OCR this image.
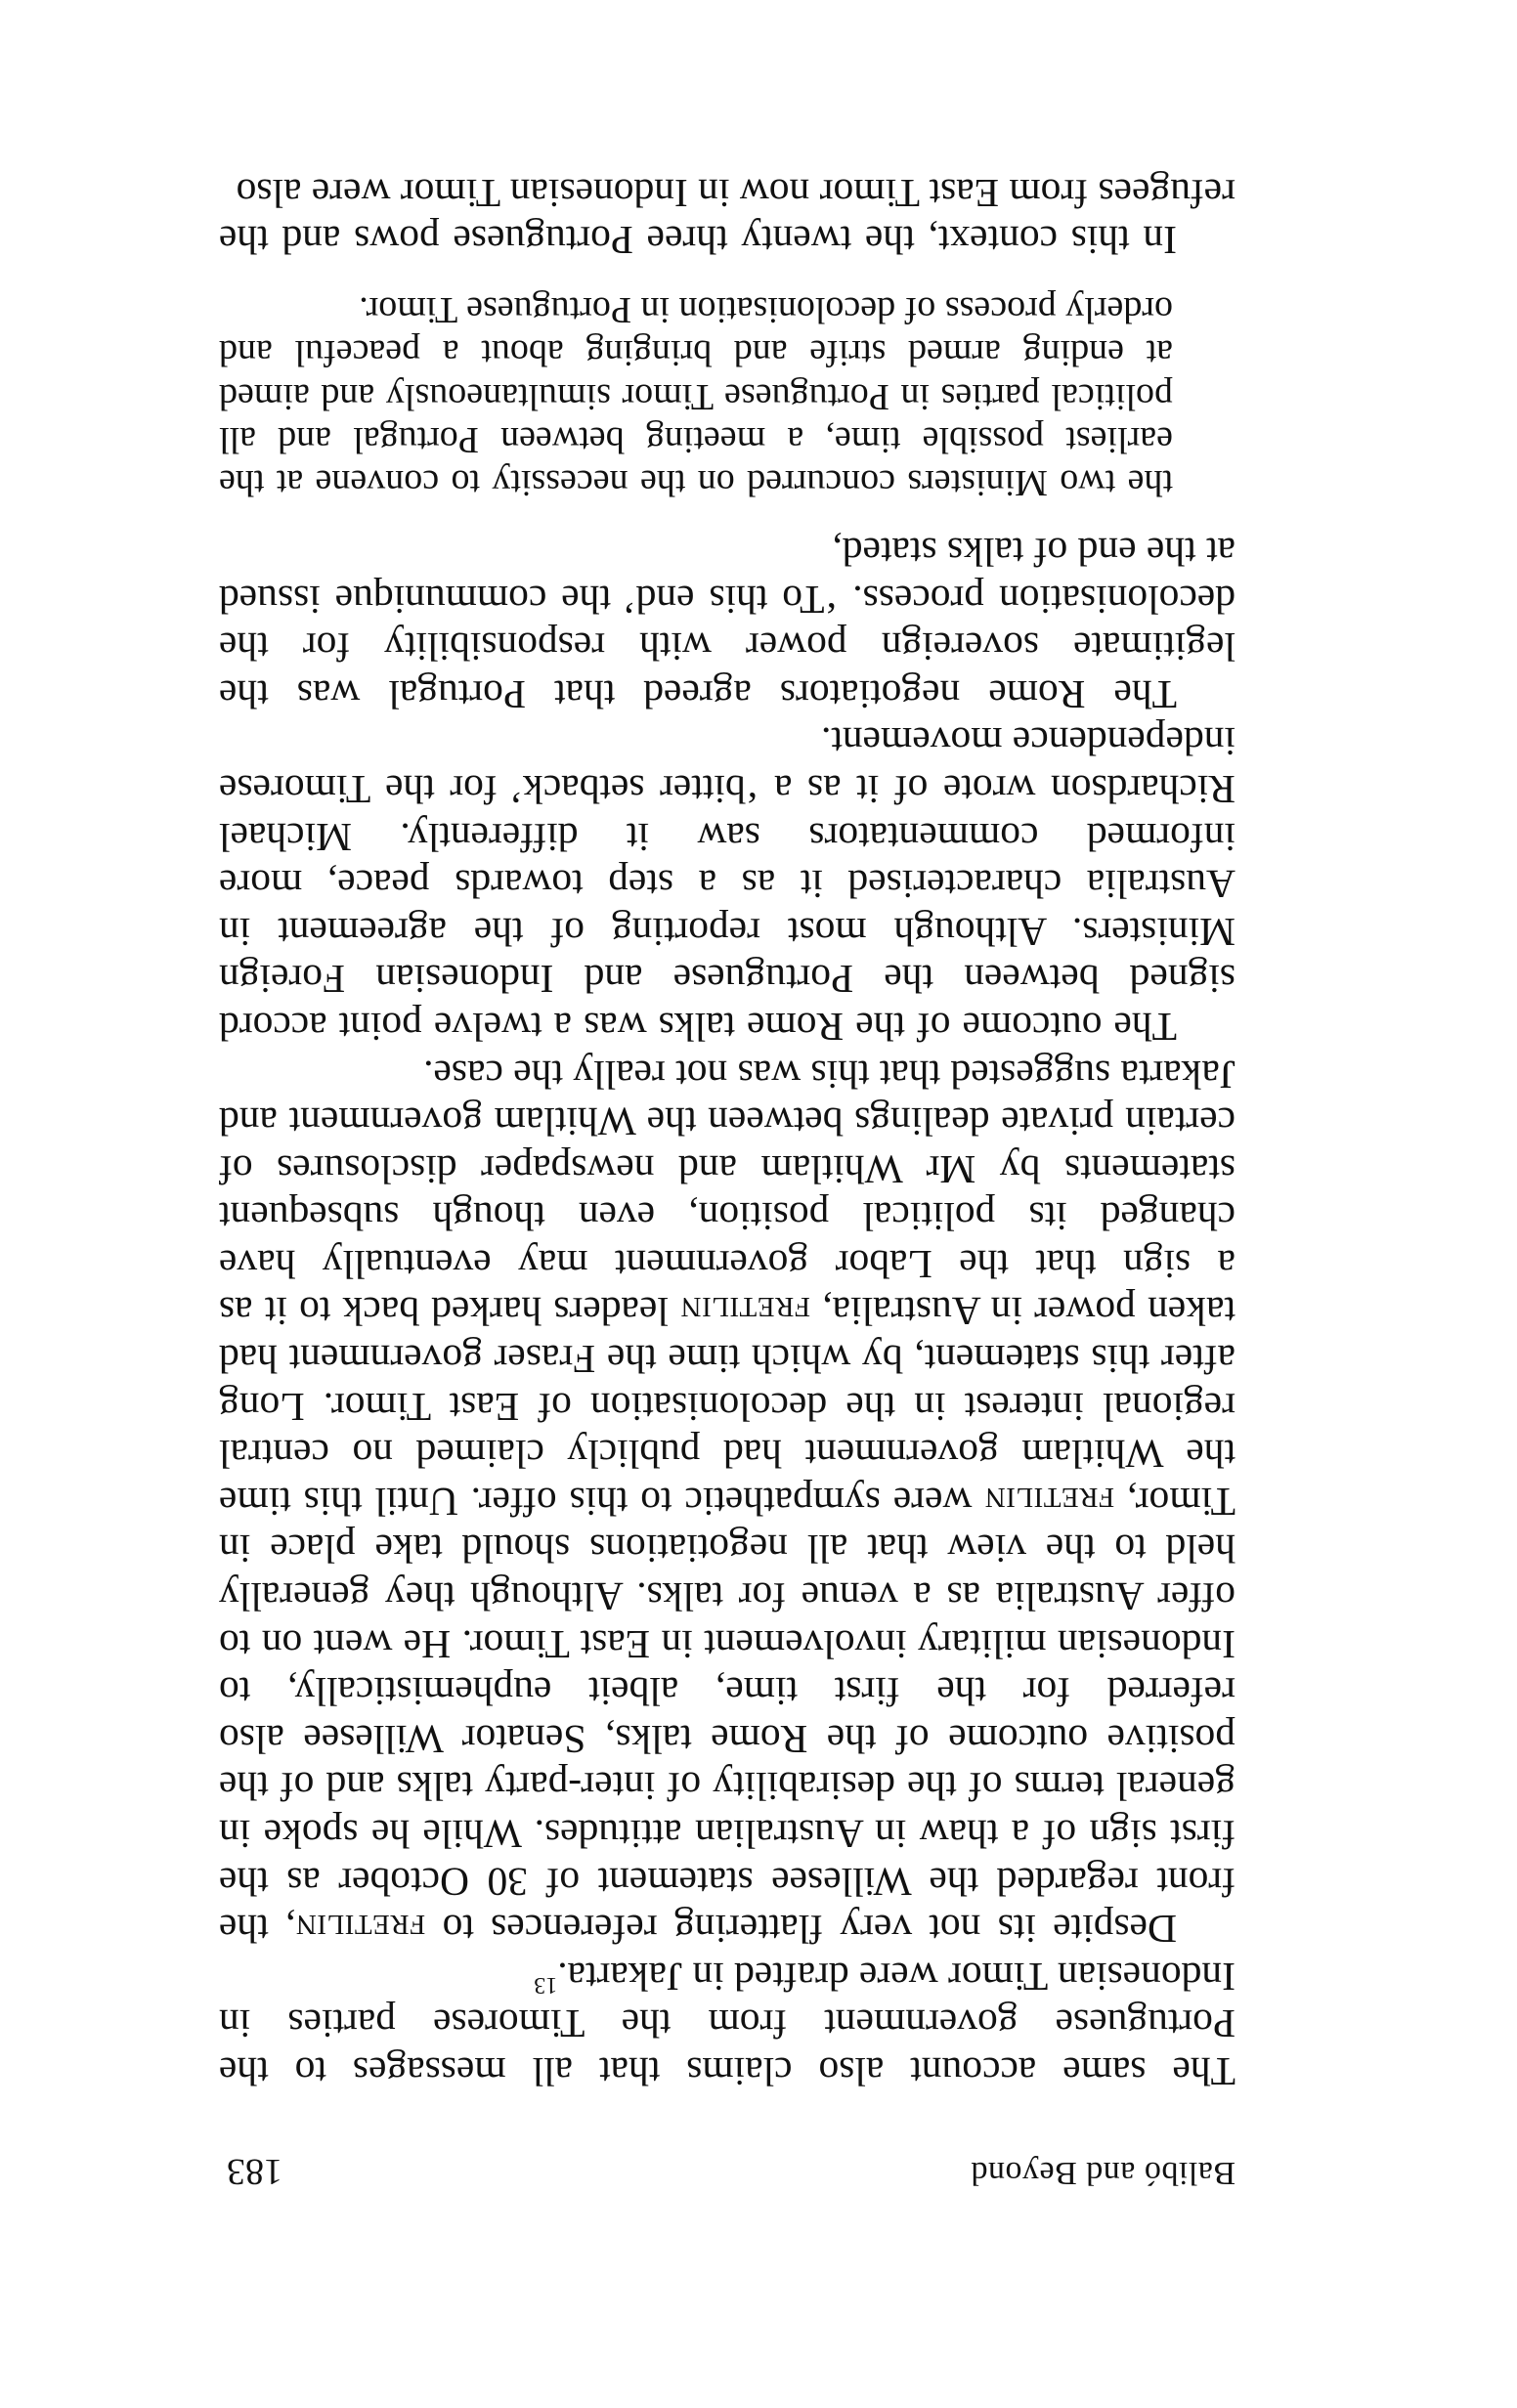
Balibó and Beyond
183

The same account also claims that all messages to the Portuguese government from the Timorese parties in Indonesian Timor were drafted in Jakarta.$^{13}$

Despite its not very flattering references to fretilin, the front regarded the Willesee statement of 30 October as the first sign of a thaw in Australian attitudes. While he spoke in general terms of the desirability of inter-party talks and of the positive outcome of the Rome talks, Senator Willesee also referred for the first time, albeit euphemistically, to Indonesian military involvement in East Timor. He went on to offer Australia as a venue for talks. Although they generally held to the view that all negotiations should take place in Timor, fretilin were sympathetic to this offer. Until this time the Whitlam government had publicly claimed no central regional interest in the decolonisation of East Timor. Long after this statement, by which time the Fraser government had taken power in Australia, fretilin leaders harked back to it as a sign that the Labor government may eventually have changed its political position, even though subsequent statements by Mr Whitlam and newspaper disclosures of certain private dealings between the Whitlam government and Jakarta suggested that this was not really the case.

The outcome of the Rome talks was a twelve point accord signed between the Portuguese and Indonesian Foreign Ministers. Although most reporting of the agreement in Australia characterised it as a step towards peace, more informed commentators saw it differently. Michael Richardson wrote of it as a ‘bitter setback’ for the Timorese independence movement.

The Rome negotiators agreed that Portugal was the legitimate sovereign power with responsibility for the decolonisation process. ‘To this end’ the communique issued at the end of talks stated,

the two Ministers concurred on the necessity to convene at the earliest possible time, a meeting between Portugal and all political parties in Portuguese Timor simultaneously and aimed at ending armed strife and bringing about a peaceful and orderly process of decolonisation in Portuguese Timor.

In this context, the twenty three Portuguese pows and the refugees from East Timor now in Indonesian Timor were also
